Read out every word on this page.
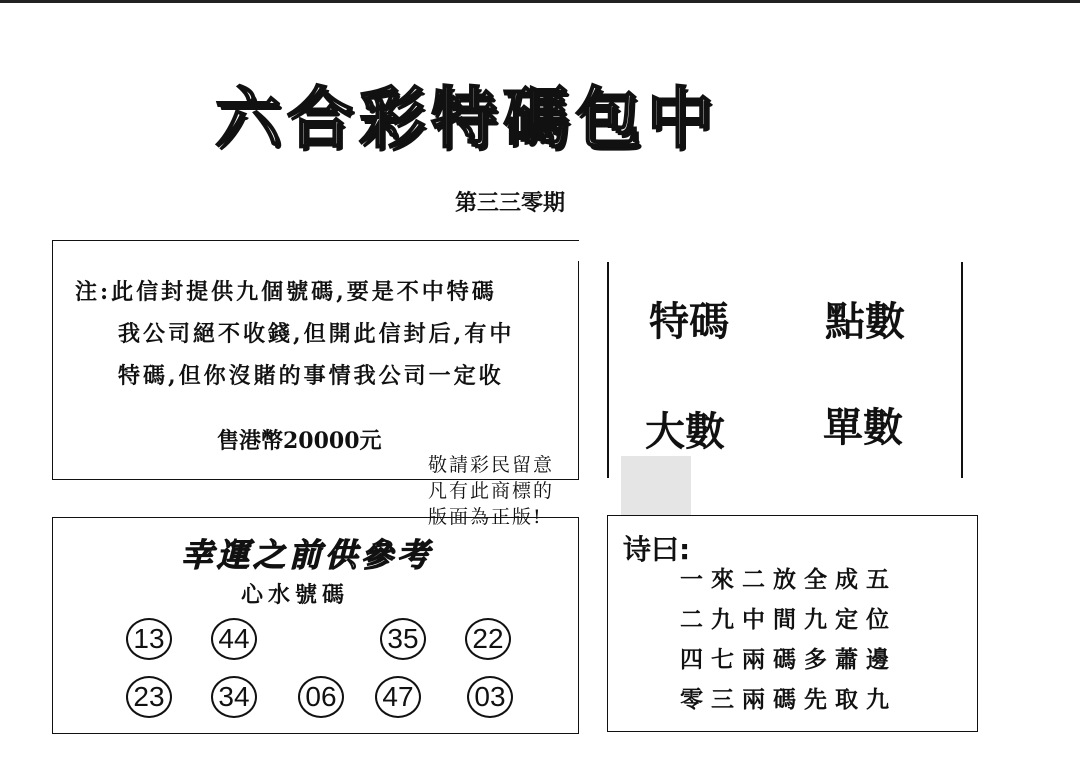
六合彩特碼包中
第三三零期
注:此信封提供九個號碼,要是不中特碼
我公司絕不收錢,但開此信封后,有中
特碼,但你沒賭的事情我公司一定收
售港幣20000元
特碼 點數
大數 單數
敬請彩民留意
凡有此商標的
版面為正版!
幸運之前供參考
心水號碼
13 44	35 22
23 34 06 47 03
诗曰:
一來二放全成五
二九中間九定位
四七兩碼多蕭邊
零三兩碼先取九
